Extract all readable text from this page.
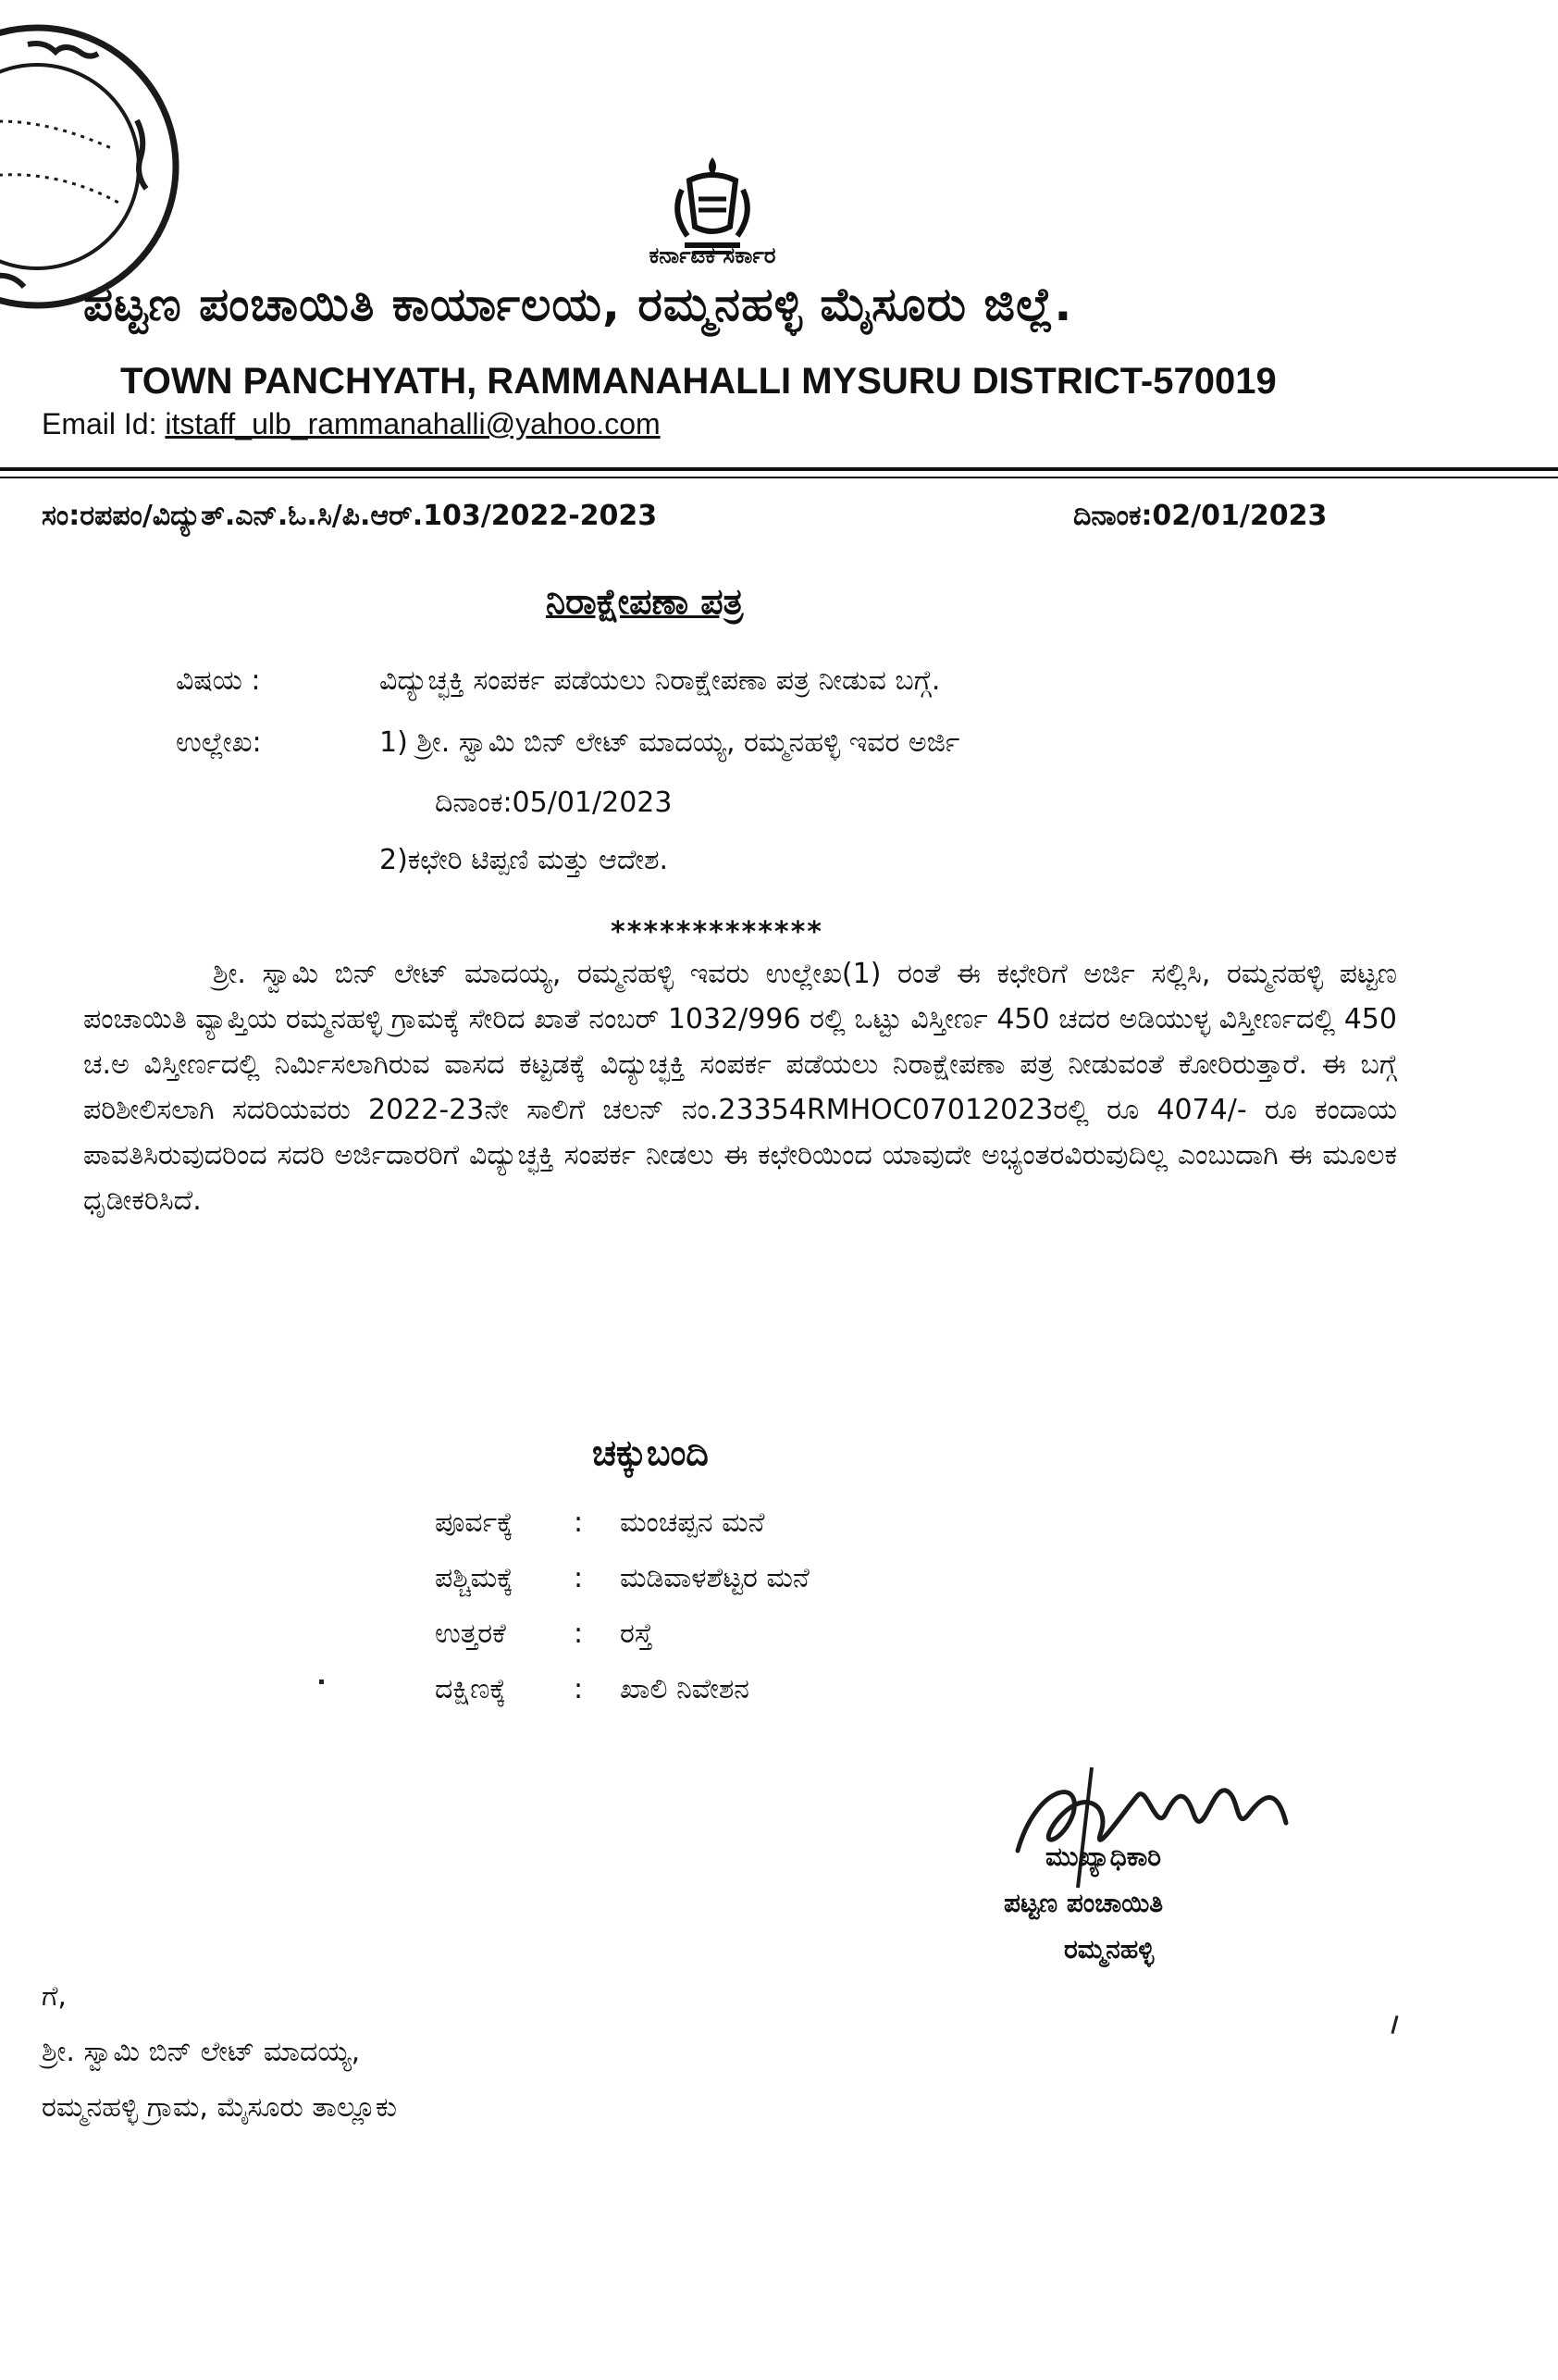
ಕರ್ನಾಟಕ ಸರ್ಕಾರ
ಪಟ್ಟಣ ಪಂಚಾಯಿತಿ ಕಾರ್ಯಾಲಯ, ರಮ್ಮನಹಳ್ಳಿ ಮೈಸೂರು ಜಿಲ್ಲೆ.
TOWN PANCHYATH, RAMMANAHALLI MYSURU DISTRICT-570019
Email Id: itstaff_ulb_rammanahalli@yahoo.com
ಸಂ:ರಪಪಂ/ವಿದ್ಯುತ್.ಎನ್.ಓ.ಸಿ/ಪಿ.ಆರ್.103/2022-2023	ದಿನಾಂಕ:02/01/2023
ನಿರಾಕ್ಷೇಪಣಾ ಪತ್ರ
ವಿಷಯ :	ವಿದ್ಯುಚ್ಛಕ್ತಿ ಸಂಪರ್ಕ ಪಡೆಯಲು ನಿರಾಕ್ಷೇಪಣಾ ಪತ್ರ ನೀಡುವ ಬಗ್ಗೆ.
ಉಲ್ಲೇಖ:	1) ಶ್ರೀ. ಸ್ವಾಮಿ ಬಿನ್ ಲೇಟ್ ಮಾದಯ್ಯ, ರಮ್ಮನಹಳ್ಳಿ ಇವರ ಅರ್ಜಿ
ದಿನಾಂಕ:05/01/2023
2)ಕಛೇರಿ ಟಿಪ್ಪಣಿ ಮತ್ತು ಆದೇಶ.
*************

ಶ್ರೀ. ಸ್ವಾಮಿ ಬಿನ್ ಲೇಟ್ ಮಾದಯ್ಯ, ರಮ್ಮನಹಳ್ಳಿ ಇವರು ಉಲ್ಲೇಖ(1) ರಂತೆ ಈ ಕಛೇರಿಗೆ ಅರ್ಜಿ ಸಲ್ಲಿಸಿ, ರಮ್ಮನಹಳ್ಳಿ ಪಟ್ಟಣ ಪಂಚಾಯಿತಿ ವ್ಯಾಪ್ತಿಯ ರಮ್ಮನಹಳ್ಳಿ ಗ್ರಾಮಕ್ಕೆ ಸೇರಿದ ಖಾತೆ ನಂಬರ್ 1032/996 ರಲ್ಲಿ ಒಟ್ಟು ವಿಸ್ತೀರ್ಣ 450 ಚದರ ಅಡಿಯುಳ್ಳ ವಿಸ್ತೀರ್ಣದಲ್ಲಿ 450 ಚ.ಅ ವಿಸ್ತೀರ್ಣದಲ್ಲಿ ನಿರ್ಮಿಸಲಾಗಿರುವ ವಾಸದ ಕಟ್ಟಡಕ್ಕೆ ವಿದ್ಯುಚ್ಛಕ್ತಿ ಸಂಪರ್ಕ ಪಡೆಯಲು ನಿರಾಕ್ಷೇಪಣಾ ಪತ್ರ ನೀಡುವಂತೆ ಕೋರಿರುತ್ತಾರೆ. ಈ ಬಗ್ಗೆ ಪರಿಶೀಲಿಸಲಾಗಿ ಸದರಿಯವರು 2022-23ನೇ ಸಾಲಿಗೆ ಚಲನ್ ನಂ.23354RMHOC07012023ರಲ್ಲಿ ರೂ 4074/- ರೂ ಕಂದಾಯ ಪಾವತಿಸಿರುವುದರಿಂದ ಸದರಿ ಅರ್ಜಿದಾರರಿಗೆ ವಿದ್ಯುಚ್ಛಕ್ತಿ ಸಂಪರ್ಕ ನೀಡಲು ಈ ಕಛೇರಿಯಿಂದ ಯಾವುದೇ ಅಭ್ಯಂತರವಿರುವುದಿಲ್ಲ ಎಂಬುದಾಗಿ ಈ ಮೂಲಕ ಧೃಡೀಕರಿಸಿದೆ.

ಚಕ್ಕುಬಂದಿ
ಪೂರ್ವಕ್ಕೆ : ಮಂಚಪ್ಪನ ಮನೆ
ಪಶ್ಚಿಮಕ್ಕೆ : ಮಡಿವಾಳಶೆಟ್ಟರ ಮನೆ
ಉತ್ತರಕೆ : ರಸ್ತೆ
ದಕ್ಷಿಣಕ್ಕೆ : ಖಾಲಿ ನಿವೇಶನ
ಮುಖ್ಯಾಧಿಕಾರಿ
ಪಟ್ಟಣ ಪಂಚಾಯಿತಿ
ರಮ್ಮನಹಳ್ಳಿ
ಗೆ,
ಶ್ರೀ. ಸ್ವಾಮಿ ಬಿನ್ ಲೇಟ್ ಮಾದಯ್ಯ,
ರಮ್ಮನಹಳ್ಳಿ ಗ್ರಾಮ, ಮೈಸೂರು ತಾಲ್ಲೂಕು
